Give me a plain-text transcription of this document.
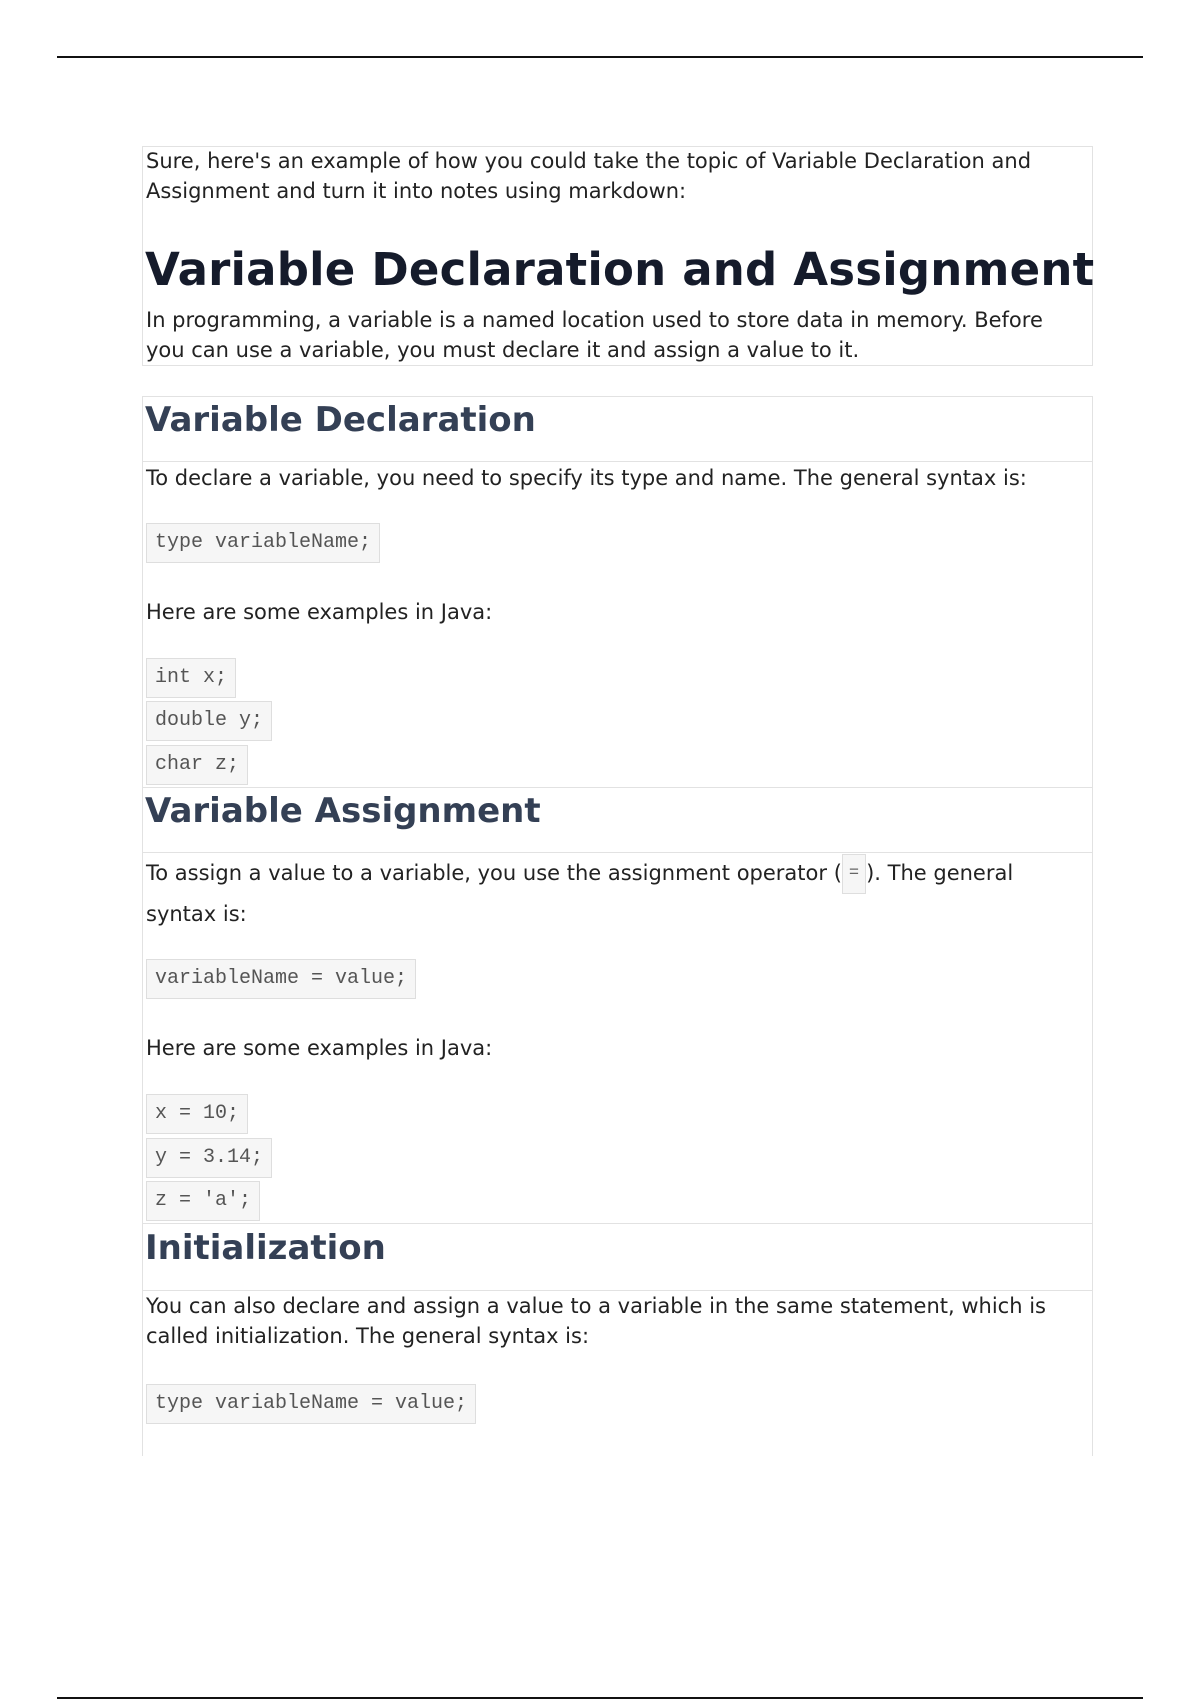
Sure, here's an example of how you could take the topic of Variable Declaration and Assignment and turn it into notes using markdown:

Variable Declaration and Assignment

In programming, a variable is a named location used to store data in memory. Before you can use a variable, you must declare it and assign a value to it.

Variable Declaration

To declare a variable, you need to specify its type and name. The general syntax is:

type variableName;

Here are some examples in Java:

int x;
double y;
char z;
Variable Assignment

To assign a value to a variable, you use the assignment operator ( = ). The general syntax is:

variableName = value;

Here are some examples in Java:

x = 10;
y = 3.14;
z = 'a';
Initialization

You can also declare and assign a value to a variable in the same statement, which is called initialization. The general syntax is:

type variableName = value;
